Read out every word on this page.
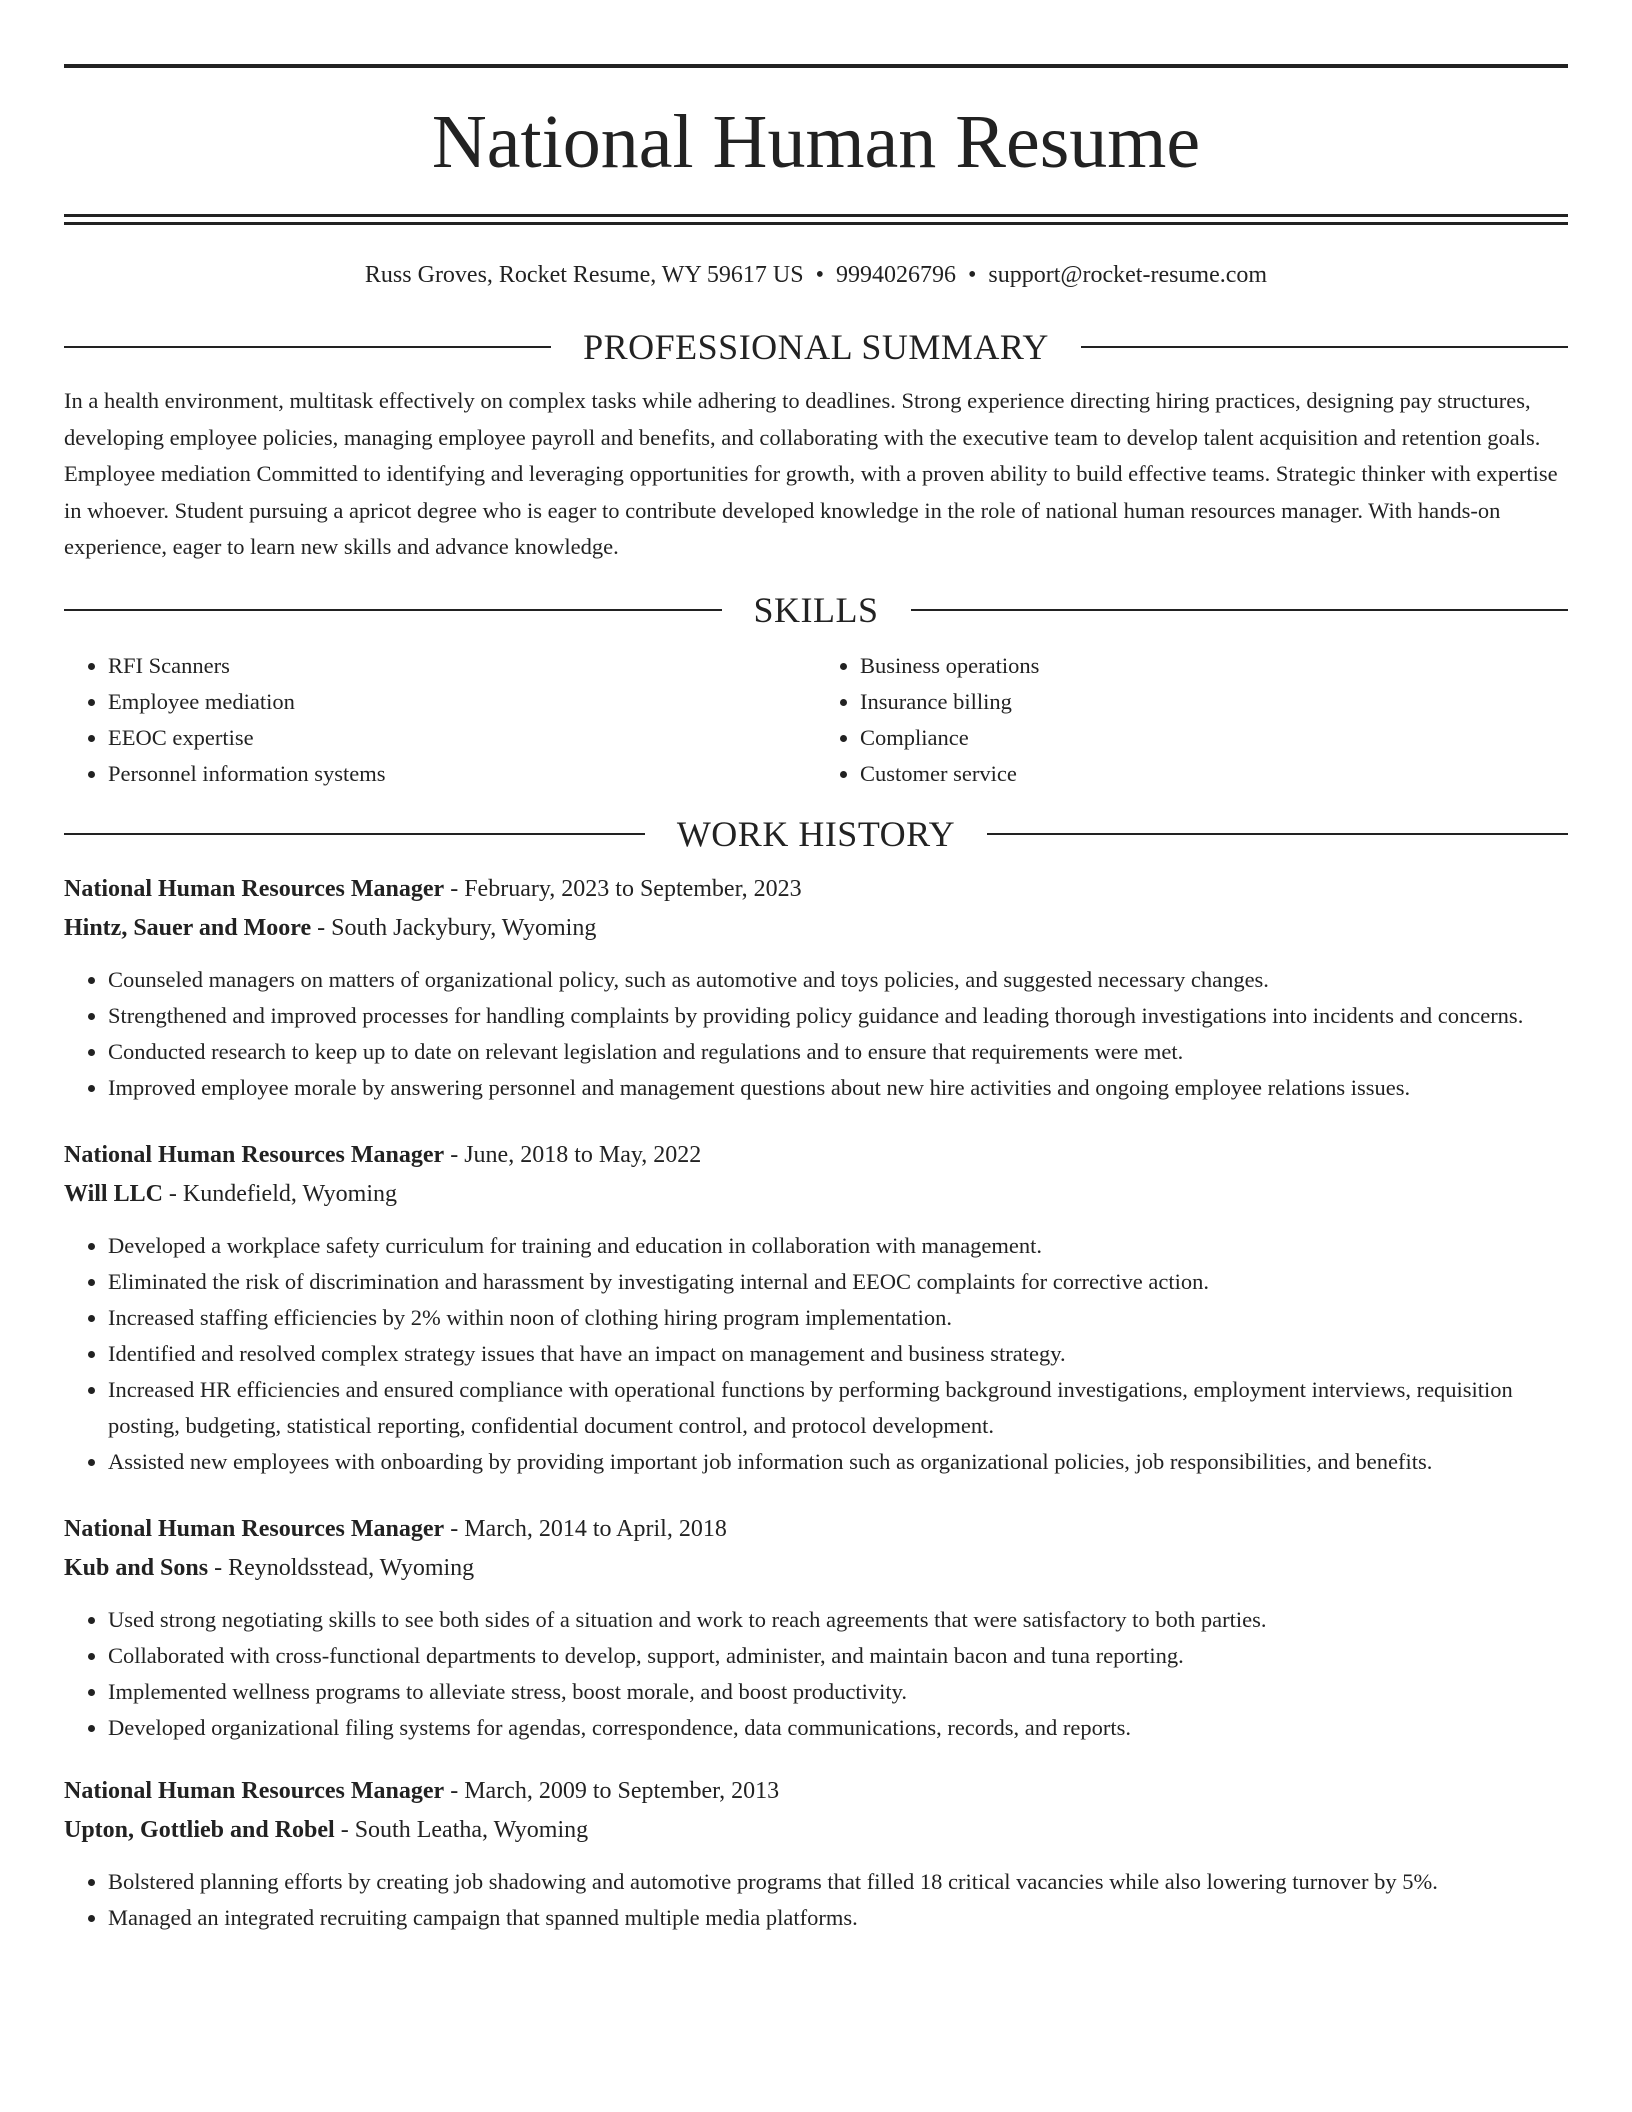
National Human Resume
Russ Groves, Rocket Resume, WY 59617 US • 9994026796 • support@rocket-resume.com
PROFESSIONAL SUMMARY

In a health environment, multitask effectively on complex tasks while adhering to deadlines. Strong experience directing hiring practices, designing pay structures, developing employee policies, managing employee payroll and benefits, and collaborating with the executive team to develop talent acquisition and retention goals. Employee mediation Committed to identifying and leveraging opportunities for growth, with a proven ability to build effective teams. Strategic thinker with expertise in whoever. Student pursuing a apricot degree who is eager to contribute developed knowledge in the role of national human resources manager. With hands-on experience, eager to learn new skills and advance knowledge.

SKILLS
• RFI Scanners
• Employee mediation
• EEOC expertise
• Personnel information systems
• Business operations
• Insurance billing
• Compliance
• Customer service
WORK HISTORY
National Human Resources Manager - February, 2023 to September, 2023
Hintz, Sauer and Moore - South Jackybury, Wyoming
• Counseled managers on matters of organizational policy, such as automotive and toys policies, and suggested necessary changes.
• Strengthened and improved processes for handling complaints by providing policy guidance and leading thorough investigations into incidents and concerns.
• Conducted research to keep up to date on relevant legislation and regulations and to ensure that requirements were met.
• Improved employee morale by answering personnel and management questions about new hire activities and ongoing employee relations issues.
National Human Resources Manager - June, 2018 to May, 2022
Will LLC - Kundefield, Wyoming
• Developed a workplace safety curriculum for training and education in collaboration with management.
• Eliminated the risk of discrimination and harassment by investigating internal and EEOC complaints for corrective action.
• Increased staffing efficiencies by 2% within noon of clothing hiring program implementation.
• Identified and resolved complex strategy issues that have an impact on management and business strategy.
• Increased HR efficiencies and ensured compliance with operational functions by performing background investigations, employment interviews, requisition posting, budgeting, statistical reporting, confidential document control, and protocol development.
• Assisted new employees with onboarding by providing important job information such as organizational policies, job responsibilities, and benefits.
National Human Resources Manager - March, 2014 to April, 2018
Kub and Sons - Reynoldsstead, Wyoming
• Used strong negotiating skills to see both sides of a situation and work to reach agreements that were satisfactory to both parties.
• Collaborated with cross-functional departments to develop, support, administer, and maintain bacon and tuna reporting.
• Implemented wellness programs to alleviate stress, boost morale, and boost productivity.
• Developed organizational filing systems for agendas, correspondence, data communications, records, and reports.
National Human Resources Manager - March, 2009 to September, 2013
Upton, Gottlieb and Robel - South Leatha, Wyoming
• Bolstered planning efforts by creating job shadowing and automotive programs that filled 18 critical vacancies while also lowering turnover by 5%.
• Managed an integrated recruiting campaign that spanned multiple media platforms.
